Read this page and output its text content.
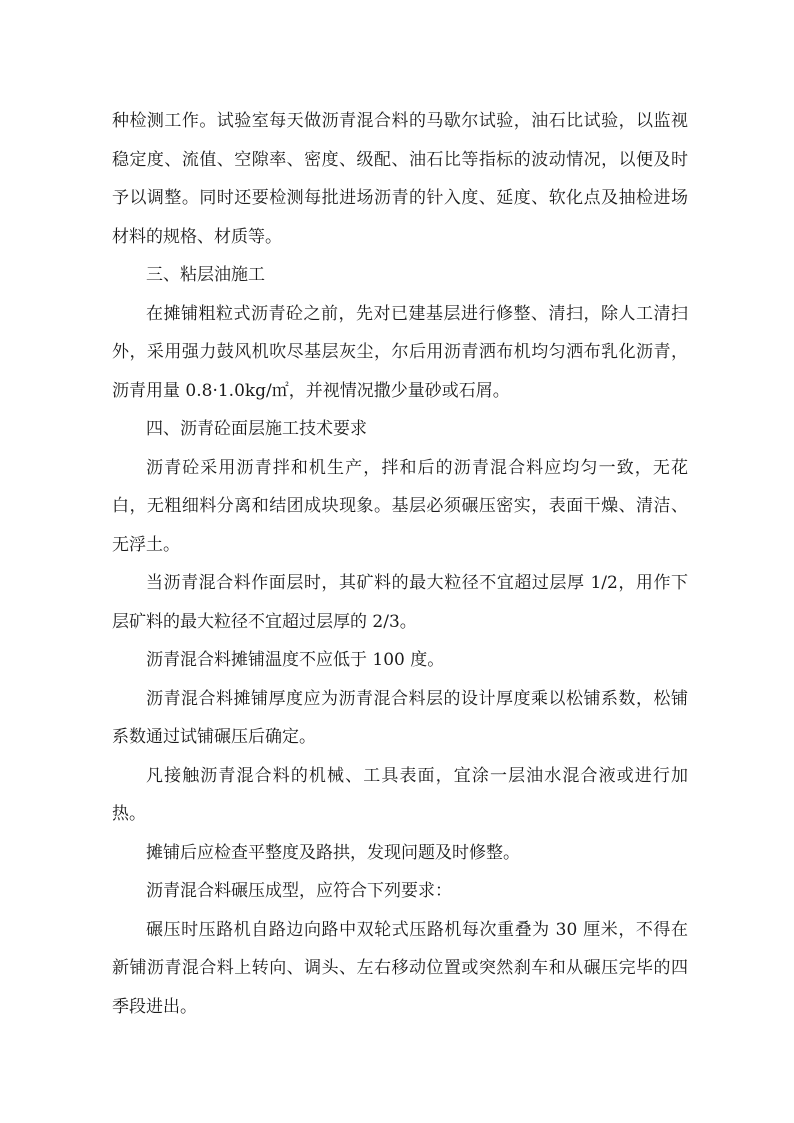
种检测工作。试验室每天做沥青混合料的马歇尔试验，油石比试验，以监视稳定度、流值、空隙率、密度、级配、油石比等指标的波动情况，以便及时予以调整。同时还要检测每批进场沥青的针入度、延度、软化点及抽检进场材料的规格、材质等。

三、粘层油施工

在摊铺粗粒式沥青砼之前，先对已建基层进行修整、清扫，除人工清扫外，采用强力鼓风机吹尽基层灰尘，尔后用沥青洒布机均匀洒布乳化沥青，沥青用量 0.8·1.0kg/㎡，并视情况撒少量砂或石屑。

四、沥青砼面层施工技术要求

沥青砼采用沥青拌和机生产，拌和后的沥青混合料应均匀一致，无花白，无粗细料分离和结团成块现象。基层必须碾压密实，表面干燥、清洁、无浮土。

当沥青混合料作面层时，其矿料的最大粒径不宜超过层厚 1/2，用作下层矿料的最大粒径不宜超过层厚的 2/3。

沥青混合料摊铺温度不应低于 100 度。

沥青混合料摊铺厚度应为沥青混合料层的设计厚度乘以松铺系数，松铺系数通过试铺碾压后确定。

凡接触沥青混合料的机械、工具表面，宜涂一层油水混合液或进行加热。

摊铺后应检查平整度及路拱，发现问题及时修整。

沥青混合料碾压成型，应符合下列要求：

碾压时压路机自路边向路中双轮式压路机每次重叠为 30 厘米，不得在新铺沥青混合料上转向、调头、左右移动位置或突然刹车和从碾压完毕的四季段进出。
